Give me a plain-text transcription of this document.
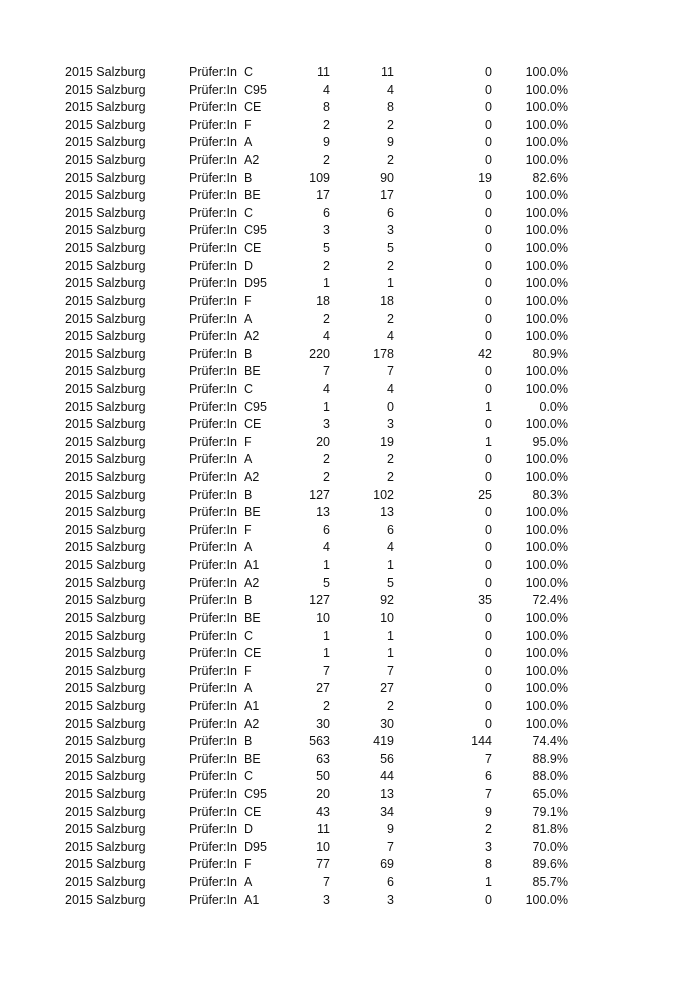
2015 Salzburg	Prüfer:In C	11	11	0	100.0%
2015 Salzburg	Prüfer:In C95	4	4	0	100.0%
2015 Salzburg	Prüfer:In CE	8	8	0	100.0%
2015 Salzburg	Prüfer:In F	2	2	0	100.0%
2015 Salzburg	Prüfer:In A	9	9	0	100.0%
2015 Salzburg	Prüfer:In A2	2	2	0	100.0%
2015 Salzburg	Prüfer:In B	109	90	19	82.6%
2015 Salzburg	Prüfer:In BE	17	17	0	100.0%
2015 Salzburg	Prüfer:In C	6	6	0	100.0%
2015 Salzburg	Prüfer:In C95	3	3	0	100.0%
2015 Salzburg	Prüfer:In CE	5	5	0	100.0%
2015 Salzburg	Prüfer:In D	2	2	0	100.0%
2015 Salzburg	Prüfer:In D95	1	1	0	100.0%
2015 Salzburg	Prüfer:In F	18	18	0	100.0%
2015 Salzburg	Prüfer:In A	2	2	0	100.0%
2015 Salzburg	Prüfer:In A2	4	4	0	100.0%
2015 Salzburg	Prüfer:In B	220	178	42	80.9%
2015 Salzburg	Prüfer:In BE	7	7	0	100.0%
2015 Salzburg	Prüfer:In C	4	4	0	100.0%
2015 Salzburg	Prüfer:In C95	1	0	1	0.0%
2015 Salzburg	Prüfer:In CE	3	3	0	100.0%
2015 Salzburg	Prüfer:In F	20	19	1	95.0%
2015 Salzburg	Prüfer:In A	2	2	0	100.0%
2015 Salzburg	Prüfer:In A2	2	2	0	100.0%
2015 Salzburg	Prüfer:In B	127	102	25	80.3%
2015 Salzburg	Prüfer:In BE	13	13	0	100.0%
2015 Salzburg	Prüfer:In F	6	6	0	100.0%
2015 Salzburg	Prüfer:In A	4	4	0	100.0%
2015 Salzburg	Prüfer:In A1	1	1	0	100.0%
2015 Salzburg	Prüfer:In A2	5	5	0	100.0%
2015 Salzburg	Prüfer:In B	127	92	35	72.4%
2015 Salzburg	Prüfer:In BE	10	10	0	100.0%
2015 Salzburg	Prüfer:In C	1	1	0	100.0%
2015 Salzburg	Prüfer:In CE	1	1	0	100.0%
2015 Salzburg	Prüfer:In F	7	7	0	100.0%
2015 Salzburg	Prüfer:In A	27	27	0	100.0%
2015 Salzburg	Prüfer:In A1	2	2	0	100.0%
2015 Salzburg	Prüfer:In A2	30	30	0	100.0%
2015 Salzburg	Prüfer:In B	563	419	144	74.4%
2015 Salzburg	Prüfer:In BE	63	56	7	88.9%
2015 Salzburg	Prüfer:In C	50	44	6	88.0%
2015 Salzburg	Prüfer:In C95	20	13	7	65.0%
2015 Salzburg	Prüfer:In CE	43	34	9	79.1%
2015 Salzburg	Prüfer:In D	11	9	2	81.8%
2015 Salzburg	Prüfer:In D95	10	7	3	70.0%
2015 Salzburg	Prüfer:In F	77	69	8	89.6%
2015 Salzburg	Prüfer:In A	7	6	1	85.7%
2015 Salzburg	Prüfer:In A1	3	3	0	100.0%
